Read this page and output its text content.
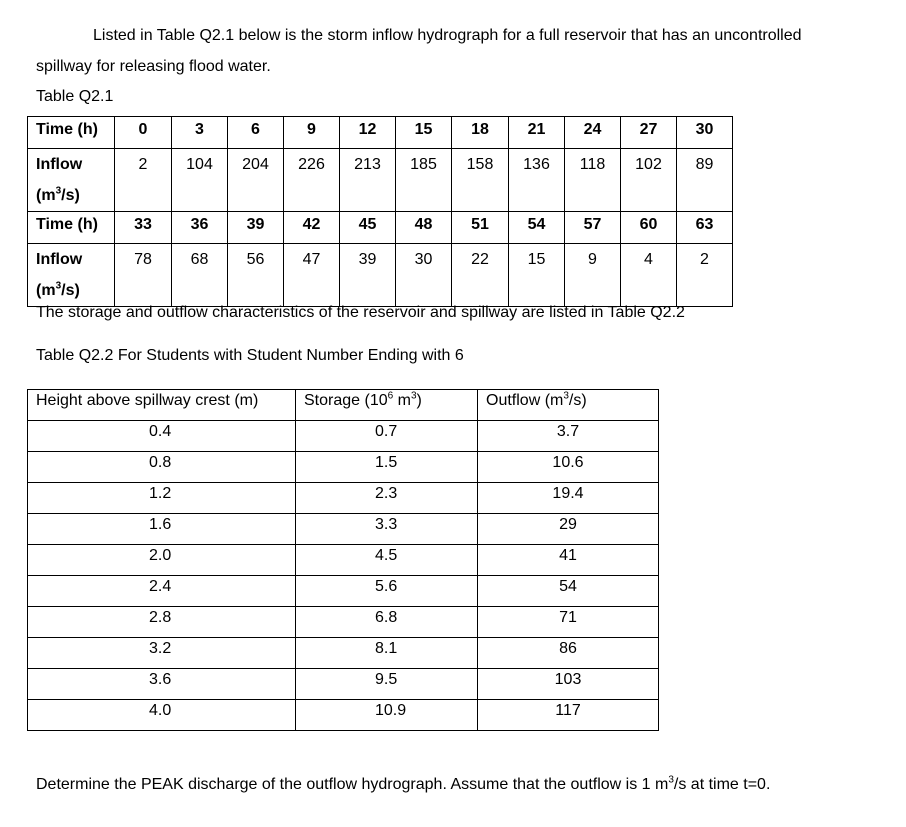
Listed in Table Q2.1 below is the storm inflow hydrograph for a full reservoir that has an uncontrolled
spillway for releasing flood water.
Table Q2.1
Time (h)	0	3	6	9	12	15	18	21	24	27	30

Inflow
$(m^3/s)$	2	104	204	226	213	185	158	136	118	102	89
Time (h)	33	36	39	42	45	48	51	54	57	60	63

Inflow
$(m^3/s)$	78	68	56	47	39	30	22	15	9	4	2
The storage and outflow characteristics of the reservoir and spillway are listed in Table Q2.2
Table Q2.2 For Students with Student Number Ending with 6
Height above spillway crest (m)	Storage ($10^6$ $m^3$)	Outflow $(m^3/s)$
0.4	0.7	3.7
0.8	1.5	10.6
1.2	2.3	19.4
1.6	3.3	29
2.0	4.5	41
2.4	5.6	54
2.8	6.8	71
3.2	8.1	86
3.6	9.5	103
4.0	10.9	117
Determine the PEAK discharge of the outflow hydrograph. Assume that the outflow is 1 $m^3/s$ at time t=0.
